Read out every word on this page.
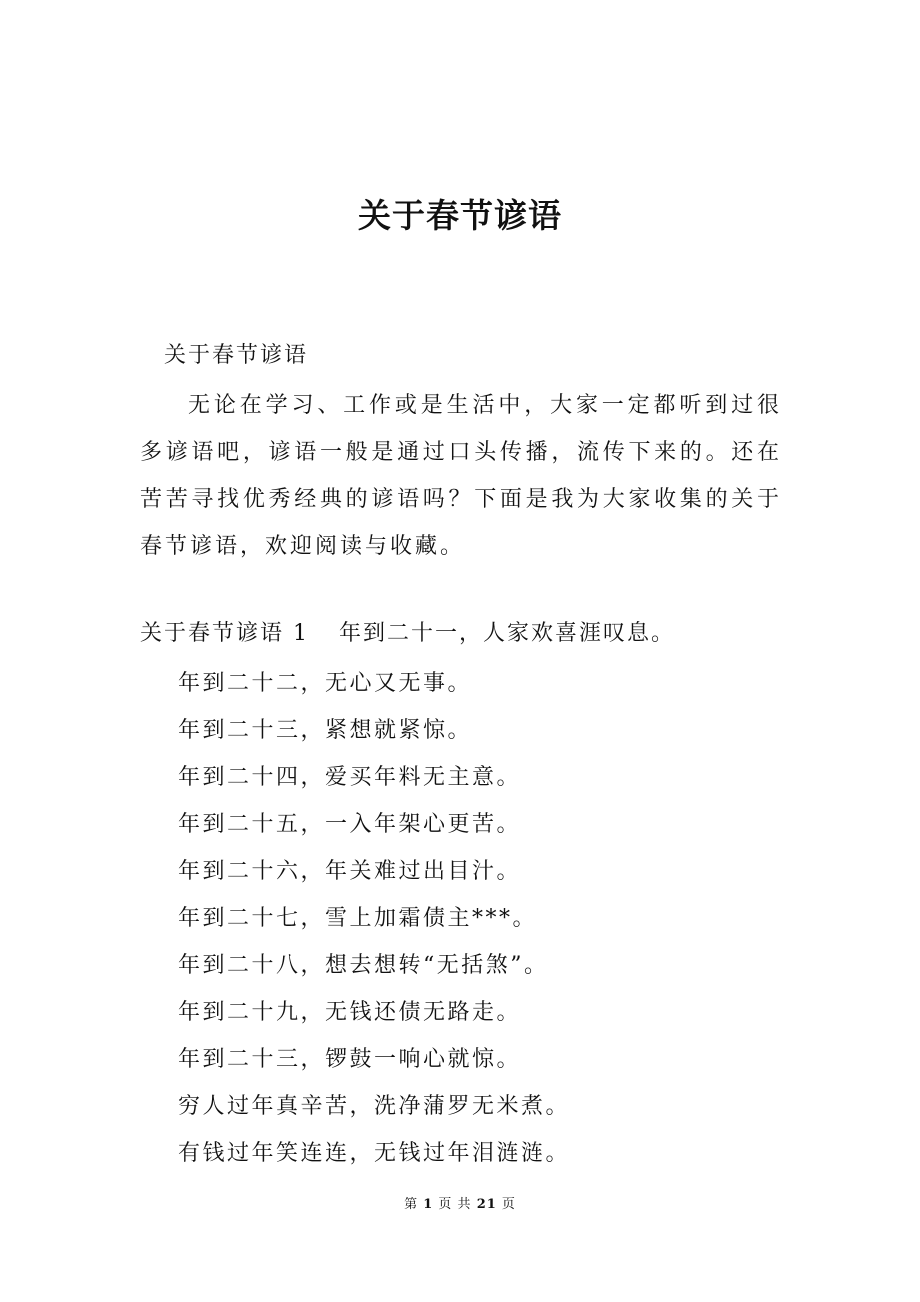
关于春节谚语
关于春节谚语

无论在学习、工作或是生活中，大家一定都听到过很多谚语吧，谚语一般是通过口头传播，流传下来的。还在苦苦寻找优秀经典的谚语吗？下面是我为大家收集的关于春节谚语，欢迎阅读与收藏。

关于春节谚语 1 年到二十一，人家欢喜涯叹息。
年到二十二，无心又无事。
年到二十三，紧想就紧惊。
年到二十四，爱买年料无主意。
年到二十五，一入年架心更苦。
年到二十六，年关难过出目汁。
年到二十七，雪上加霜债主***。
年到二十八，想去想转“无括煞”。
年到二十九，无钱还债无路走。
年到二十三，锣鼓一响心就惊。
穷人过年真辛苦，洗净蒲罗无米煮。
有钱过年笑连连，无钱过年泪涟涟。
第 1 页 共 21 页
